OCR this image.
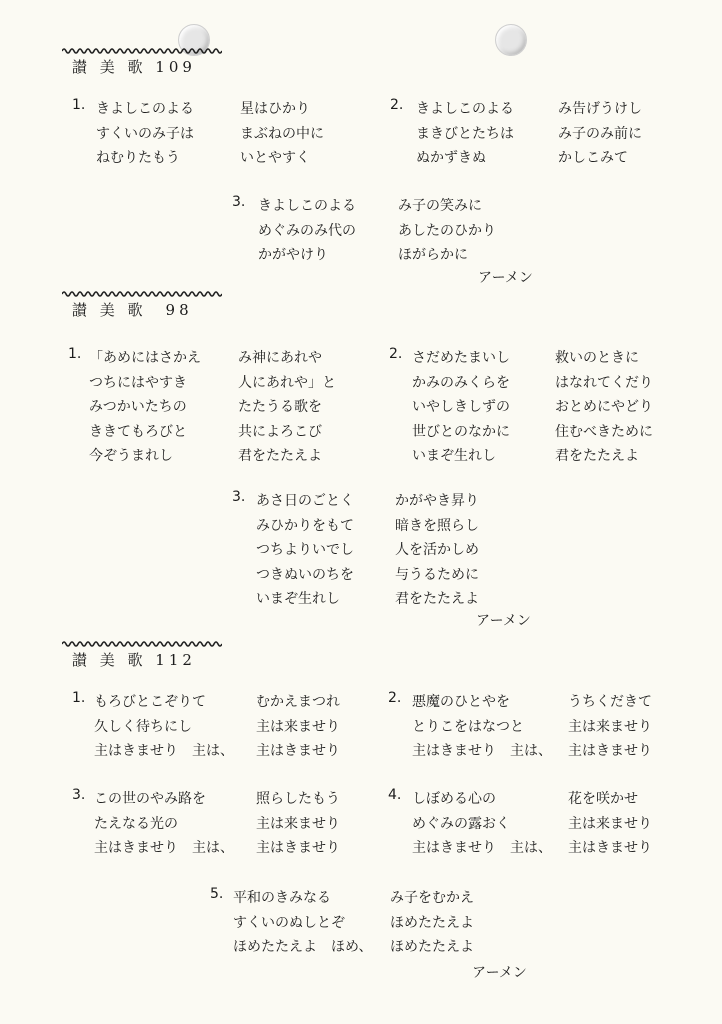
讃 美 歌 109
1. きよしこのよる
すくいのみ子は
ねむりたもう
星はひかり
まぶねの中に
いとやすく
2. きよしこのよる
まきびとたちは
ぬかずきぬ
み告げうけし
み子のみ前に
かしこみて
3. きよしこのよる
めぐみのみ代の
かがやけり
み子の笑みに
あしたのひかり
ほがらかに
アーメン
讃 美 歌　98
1. 「あめにはさかえ
つちにはやすき
みつかいたちの
ききてもろびと
今ぞうまれし
み神にあれや
人にあれや」と
たたうる歌を
共によろこび
君をたたえよ
2. さだめたまいし
かみのみくらを
いやしきしずの
世びとのなかに
いまぞ生れし
救いのときに
はなれてくだり
おとめにやどり
住むべきために
君をたたえよ
3. あさ日のごとく
みひかりをもて
つちよりいでし
つきぬいのちを
いまぞ生れし
かがやき昇り
暗きを照らし
人を活かしめ
与うるために
君をたたえよ
アーメン
讃 美 歌 112
1. もろびとこぞりて
久しく待ちにし
主はきませり　主は、
むかえまつれ
主は来ませり
主はきませり
2. 悪魔のひとやを
とりこをはなつと
主はきませり　主は、
うちくだきて
主は来ませり
主はきませり
3. この世のやみ路を
たえなる光の
主はきませり　主は、
照らしたもう
主は来ませり
主はきませり
4. しぼめる心の
めぐみの露おく
主はきませり　主は、
花を咲かせ
主は来ませり
主はきませり
5. 平和のきみなる
すくいのぬしとぞ
ほめたたえよ　ほめ、
み子をむかえ
ほめたたえよ
ほめたたえよ
アーメン
